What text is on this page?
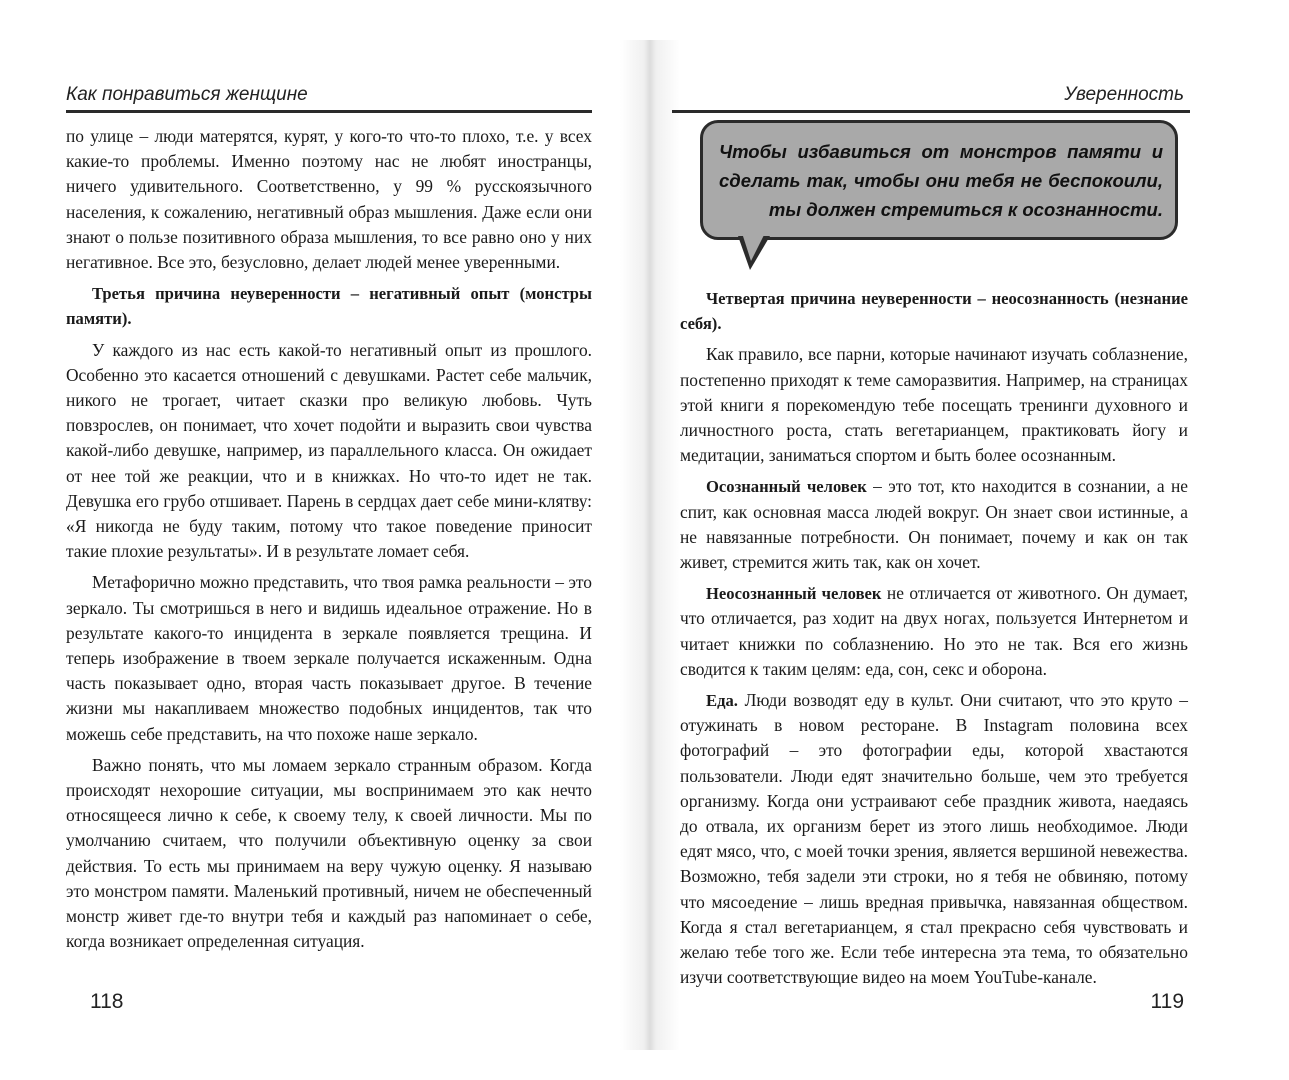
Как понравиться женщине

по улице – люди матерятся, курят, у кого-то что-то плохо, т.е. у всех какие-то проблемы. Именно поэтому нас не любят иностранцы, ничего удивительного. Соответственно, у 99 % русскоязычного населения, к сожалению, негативный образ мышления. Даже если они знают о пользе позитивного образа мышления, то все равно оно у них негативное. Все это, безусловно, делает людей менее уверенными.

Третья причина неуверенности – негативный опыт (монстры памяти).

У каждого из нас есть какой-то негативный опыт из прошлого. Особенно это касается отношений с девушками. Растет себе мальчик, никого не трогает, читает сказки про великую любовь. Чуть повзрослев, он понимает, что хочет подойти и выразить свои чувства какой-либо девушке, например, из параллельного класса. Он ожидает от нее той же реакции, что и в книжках. Но что-то идет не так. Девушка его грубо отшивает. Парень в сердцах дает себе мини-клятву: «Я никогда не буду таким, потому что такое поведение приносит такие плохие результаты». И в результате ломает себя.

Метафорично можно представить, что твоя рамка реальности – это зеркало. Ты смотришься в него и видишь идеальное отражение. Но в результате какого-то инцидента в зеркале появляется трещина. И теперь изображение в твоем зеркале получается искаженным. Одна часть показывает одно, вторая часть показывает другое. В течение жизни мы накапливаем множество подобных инцидентов, так что можешь себе представить, на что похоже наше зеркало.

Важно понять, что мы ломаем зеркало странным образом. Когда происходят нехорошие ситуации, мы воспринимаем это как нечто относящееся лично к себе, к своему телу, к своей личности. Мы по умолчанию считаем, что получили объективную оценку за свои действия. То есть мы принимаем на веру чужую оценку. Я называю это монстром памяти. Маленький противный, ничем не обеспеченный монстр живет где-то внутри тебя и каждый раз напоминает о себе, когда возникает определенная ситуация.

118
Уверенность
Чтобы избавиться от монстров памяти и сделать так, чтобы они тебя не беспокоили, ты должен стремиться к осознанности.

Четвертая причина неуверенности – неосознанность (незнание себя).

Как правило, все парни, которые начинают изучать соблазнение, постепенно приходят к теме саморазвития. Например, на страницах этой книги я порекомендую тебе посещать тренинги духовного и личностного роста, стать вегетарианцем, практиковать йогу и медитации, заниматься спортом и быть более осознанным.

Осознанный человек – это тот, кто находится в сознании, а не спит, как основная масса людей вокруг. Он знает свои истинные, а не навязанные потребности. Он понимает, почему и как он так живет, стремится жить так, как он хочет.

Неосознанный человек не отличается от животного. Он думает, что отличается, раз ходит на двух ногах, пользуется Интернетом и читает книжки по соблазнению. Но это не так. Вся его жизнь сводится к таким целям: еда, сон, секс и оборона.

Еда. Люди возводят еду в культ. Они считают, что это круто – отужинать в новом ресторане. В Instagram половина всех фотографий – это фотографии еды, которой хвастаются пользователи. Люди едят значительно больше, чем это требуется организму. Когда они устраивают себе праздник живота, наедаясь до отвала, их организм берет из этого лишь необходимое. Люди едят мясо, что, с моей точки зрения, является вершиной невежества. Возможно, тебя задели эти строки, но я тебя не обвиняю, потому что мясоедение – лишь вредная привычка, навязанная обществом. Когда я стал вегетарианцем, я стал прекрасно себя чувствовать и желаю тебе того же. Если тебе интересна эта тема, то обязательно изучи соответствующие видео на моем YouTube-канале.

119
